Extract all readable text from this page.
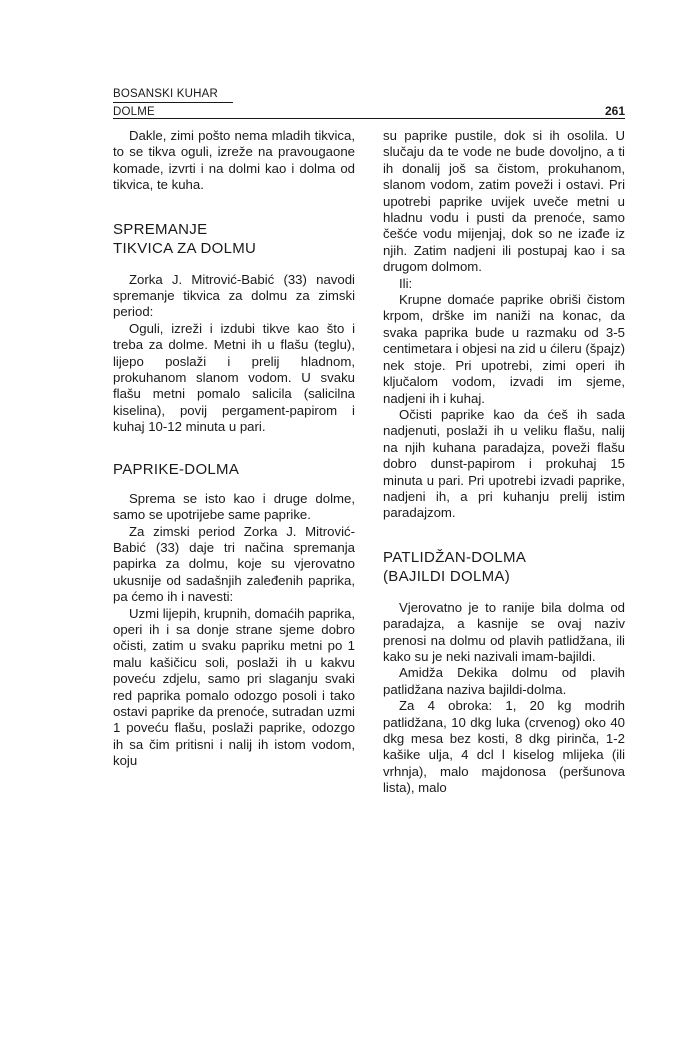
BOSANSKI KUHAR
DOLME	261

Dakle, zimi pošto nema mladih tikvica, to se tikva oguli, izreže na pravougaone komade, izvrti i na dolmi kao i dolma od tikvica, te kuha.

SPREMANJE
TIKVICA ZA DOLMU

Zorka J. Mitrović-Babić (33) navodi spremanje tikvica za dolmu za zimski period:

Oguli, izreži i izdubi tikve kao što i treba za dolme. Metni ih u flašu (teglu), lijepo poslaži i prelij hladnom, prokuhanom slanom vodom. U svaku flašu metni pomalo salicila (salicilna kiselina), povij pergament-papirom i kuhaj 10-12 minuta u pari.

PAPRIKE-DOLMA

Sprema se isto kao i druge dolme, samo se upotrijebe same paprike.

Za zimski period Zorka J. Mitrović-Babić (33) daje tri načina spremanja papirka za dolmu, koje su vjerovatno ukusnije od sadašnjih zaleđenih paprika, pa ćemo ih i navesti:

Uzmi lijepih, krupnih, domaćih paprika, operi ih i sa donje strane sjeme dobro očisti, zatim u svaku papriku metni po 1 malu kašičicu soli, poslaži ih u kakvu poveću zdjelu, samo pri slaganju svaki red paprika pomalo odozgo posoli i tako ostavi paprike da prenoće, sutradan uzmi 1 poveću flašu, poslaži paprike, odozgo ih sa čim pritisni i nalij ih istom vodom, koju

su paprike pustile, dok si ih osolila. U slučaju da te vode ne bude dovoljno, a ti ih donalij još sa čistom, prokuhanom, slanom vodom, zatim poveži i ostavi. Pri upotrebi paprike uvijek uveče metni u hladnu vodu i pusti da prenoće, samo češće vodu mijenjaj, dok so ne izađe iz njih. Zatim nadjeni ili postupaj kao i sa drugom dolmom.

Ili:

Krupne domaće paprike obriši čistom krpom, drške im naniži na konac, da svaka paprika bude u razmaku od 3-5 centimetara i objesi na zid u ćileru (špajz) nek stoje. Pri upotrebi, zimi operi ih ključalom vodom, izvadi im sjeme, nadjeni ih i kuhaj.

Očisti paprike kao da ćeš ih sada nadjenuti, poslaži ih u veliku flašu, nalij na njih kuhana paradajza, poveži flašu dobro dunst-papirom i prokuhaj 15 minuta u pari. Pri upotrebi izvadi paprike, nadjeni ih, a pri kuhanju prelij istim paradajzom.

PATLIDŽAN-DOLMA
(BAJILDI DOLMA)

Vjerovatno je to ranije bila dolma od paradajza, a kasnije se ovaj naziv prenosi na dolmu od plavih patlidžana, ili kako su je neki nazivali imam-bajildi.

Amidža Dekika dolmu od plavih patlidžana naziva bajildi-dolma.

Za 4 obroka: 1, 20 kg modrih patlidžana, 10 dkg luka (crvenog) oko 40 dkg mesa bez kosti, 8 dkg pirinča, 1-2 kašike ulja, 4 dcl l kiselog mlijeka (ili vrhnja), malo majdonosa (peršunova lista), malo
